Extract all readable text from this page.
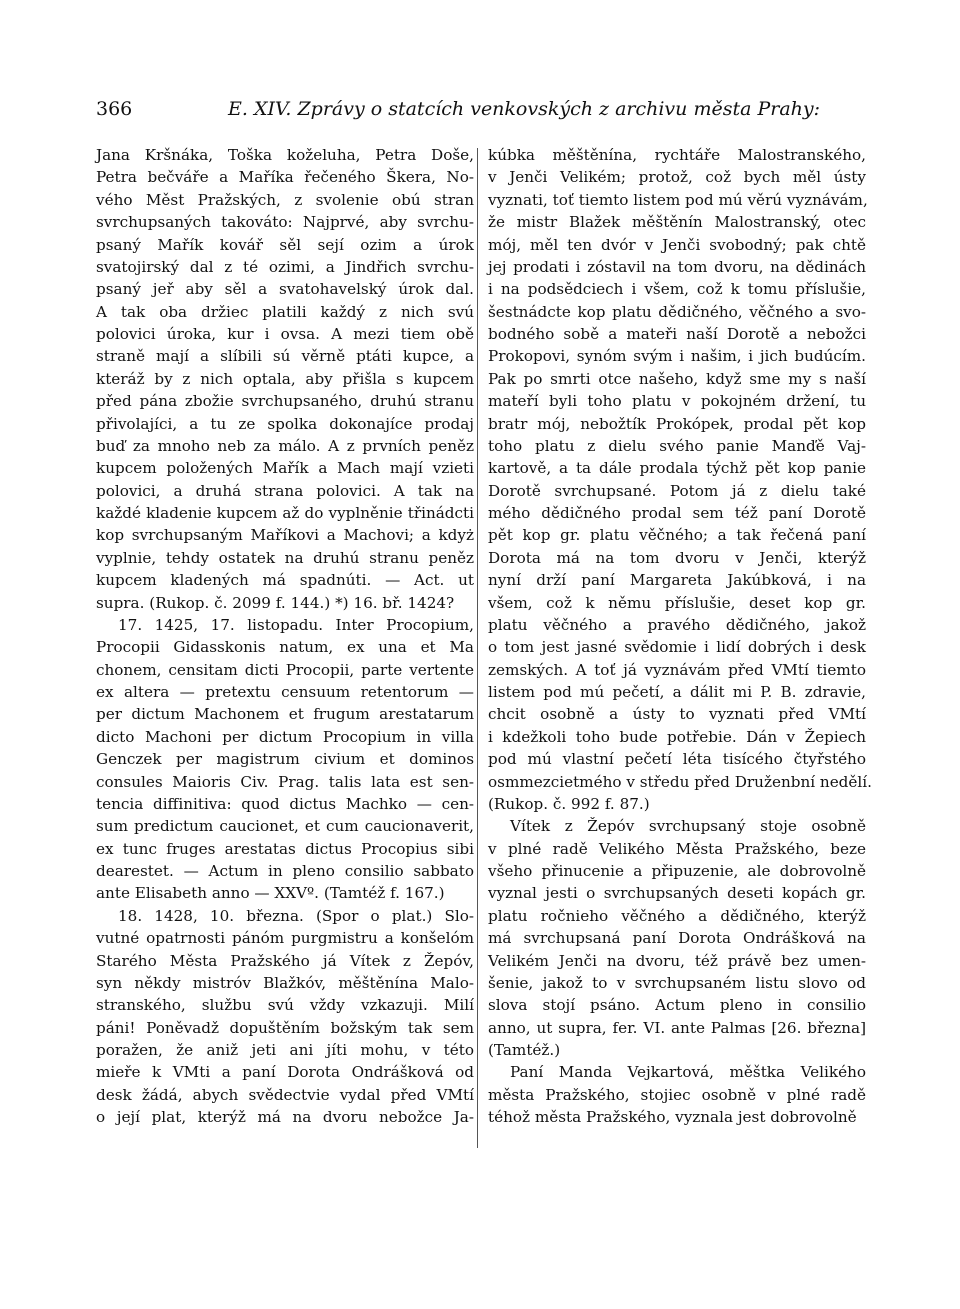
366	E. XIV. Zprávy o statcích venkovských z archivu města Prahy:
Jana Kršnáka, Toška koželuha, Petra Doše,
Petra bečváře a Maříka řečeného Škera, No-
vého Měst Pražských, z svolenie obú stran
svrchupsaných takováto: Najprvé, aby svrchu-
psaný Mařík kovář sěl sejí ozim a úrok
svatojirský dal z té ozimi, a Jindřich svrchu-
psaný jeř aby sěl a svatohavelský úrok dal.
A tak oba držiec platili každý z nich svú
polovici úroka, kur i ovsa. A mezi tiem obě
straně mají a slíbili sú věrně ptáti kupce, a
kteráž by z nich optala, aby přišla s kupcem
před pána zbožie svrchupsaného, druhú stranu
přivolajíci, a tu ze spolka dokonajíce prodaj
buď za mnoho neb za málo. A z prvních peněz
kupcem položených Mařík a Mach mají vzieti
polovici, a druhá strana polovici. A tak na
každé kladenie kupcem až do vyplněnie třinádcti
kop svrchupsaným Maříkovi a Machovi; a kdyż
vyplnie, tehdy ostatek na druhú stranu peněz
kupcem kladených má spadnúti. — Act. ut
supra. (Rukop. č. 2099 f. 144.) *) 16. bř. 1424?
17. 1425, 17. listopadu. Inter Procopium,
Procopii Gidasskonis natum, ex una et Ma
chonem, censitam dicti Procopii, parte vertente
ex altera — pretextu censuum retentorum —
per dictum Machonem et frugum arestatarum
dicto Machoni per dictum Procopium in villa
Genczek per magistrum civium et dominos
consules Maioris Civ. Prag. talis lata est sen-
tencia diffinitiva: quod dictus Machko — cen-
sum predictum caucionet, et cum caucionaverit,
ex tunc fruges arestatas dictus Procopius sibi
dearestet. — Actum in pleno consilio sabbato
ante Elisabeth anno — XXVº. (Tamtéž f. 167.)
18. 1428, 10. března. (Spor o plat.) Slo-
vutné opatrnosti pánóm purgmistru a konšelóm
Starého Města Pražského já Vítek z Žepóv,
syn někdy mistróv Blažkóv, měštěnína Malo-
stranského, službu svú vždy vzkazuji. Milí
páni! Poněvadž dopuštěním božským tak sem
poražen, že aniž jeti ani jíti mohu, v této
mieře k VMti a paní Dorota Ondrášková od
desk žádá, abych svědectvie vydal před VMtí
o její plat, kterýž má na dvoru nebožce Ja-
kúbka měštěnína, rychtáře Malostranského,
v Jenči Velikém; protož, což bych měl ústy
vyznati, toť tiemto listem pod mú věrú vyznávám,
že mistr Blažek měštěnín Malostranský, otec
mój, měl ten dvór v Jenči svobodný; pak chtě
jej prodati i zóstavil na tom dvoru, na dědinách
i na podsědciech i všem, což k tomu příslušie,
šestnádcte kop platu dědičného, věčného a svo-
bodného sobě a mateři naší Dorotě a nebožci
Prokopovi, synóm svým i našim, i jich budúcím.
Pak po smrti otce našeho, když sme my s naší
mateří byli toho platu v pokojném držení, tu
bratr mój, nebožtík Prokópek, prodal pět kop
toho platu z dielu svého panie Manďě Vaj-
kartově, a ta dále prodala týchž pět kop panie
Dorotě svrchupsané. Potom já z dielu také
mého dědičného prodal sem též paní Dorotě
pět kop gr. platu věčného; a tak řečená paní
Dorota má na tom dvoru v Jenči, kterýž
nyní drží paní Margareta Jakúbková, i na
všem, což k němu příslušie, deset kop gr.
platu věčného a pravého dědičného, jakož
o tom jest jasné svědomie i lidí dobrých i desk
zemských. A toť já vyznávám před VMtí tiemto
listem pod mú pečetí, a dálit mi P. B. zdravie,
chcit osobně a ústy to vyznati před VMtí
i kdežkoli toho bude potřebie. Dán v Žepiech
pod mú vlastní pečetí léta tisícého čtyřstého
osmmezcietmého v středu před Druženbní nedělí.
(Rukop. č. 992 f. 87.)
Vítek z Žepóv svrchupsaný stoje osobně
v plné radě Velikého Města Pražského, beze
všeho přinucenie a připuzenie, ale dobrovolně
vyznal jesti o svrchupsaných deseti kopách gr.
platu ročnieho věčného a dědičného, kterýž
má svrchupsaná paní Dorota Ondrášková na
Velikém Jenči na dvoru, též právě bez umen-
šenie, jakož to v svrchupsaném listu slovo od
slova stojí psáno. Actum pleno in consilio
anno, ut supra, fer. VI. ante Palmas [26. března]
(Tamtéž.)
Paní Manda Vejkartová, měštka Velikého
města Pražského, stojiec osobně v plné radě
téhož města Pražského, vyznala jest dobrovolně
